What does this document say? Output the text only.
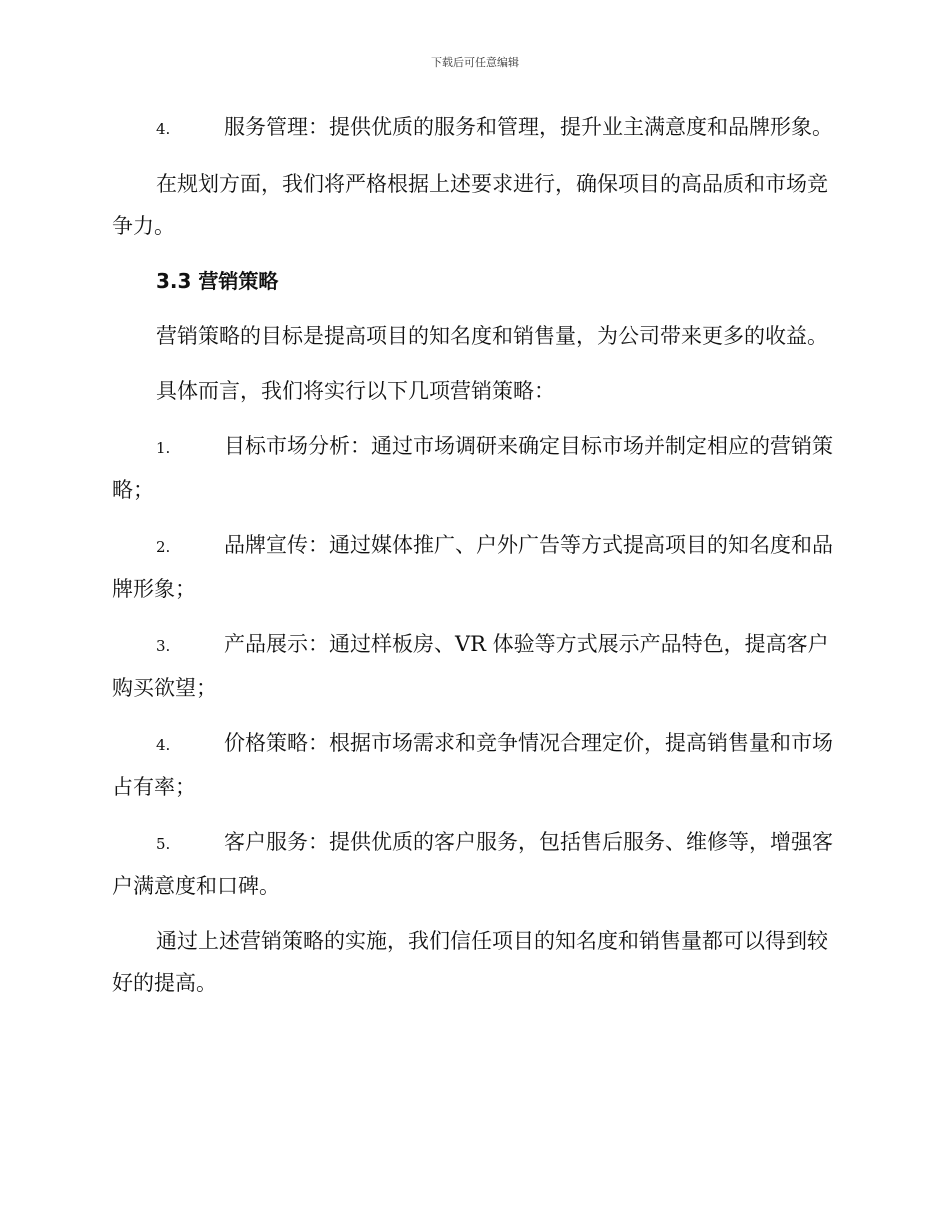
下载后可任意编辑

4.	服务管理：提供优质的服务和管理，提升业主满意度和品牌形象。

在规划方面，我们将严格根据上述要求进行，确保项目的高品质和市场竞争力。

3.3 营销策略

营销策略的目标是提高项目的知名度和销售量，为公司带来更多的收益。

具体而言，我们将实行以下几项营销策略：

1.	目标市场分析：通过市场调研来确定目标市场并制定相应的营销策略；

2.	品牌宣传：通过媒体推广、户外广告等方式提高项目的知名度和品牌形象；

3.	产品展示：通过样板房、VR 体验等方式展示产品特色，提高客户购买欲望；

4.	价格策略：根据市场需求和竞争情况合理定价，提高销售量和市场占有率；

5.	客户服务：提供优质的客户服务，包括售后服务、维修等，增强客户满意度和口碑。

通过上述营销策略的实施，我们信任项目的知名度和销售量都可以得到较好的提高。
